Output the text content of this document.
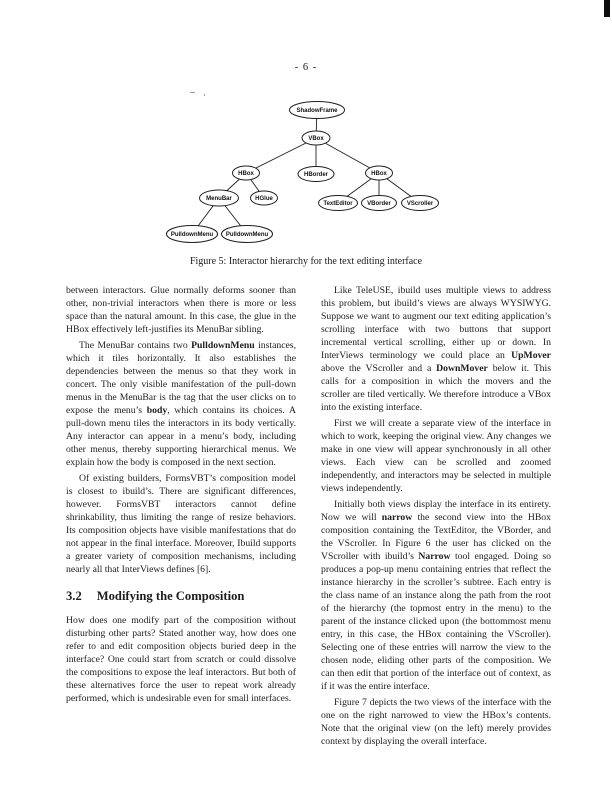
- 6 -
ShadowFrame
VBox
HBox	HBorder	HBox
MenuBar	HGlue
TextEditor VBorder	VScroller
PulldownMenu PulldownMenu
Figure 5: Interactor hierarchy for the text editing interface

between interactors. Glue normally deforms sooner than other, non-trivial interactors when there is more or less space than the natural amount. In this case, the glue in the HBox effectively left-justifies its MenuBar sibling.

The MenuBar contains two PulldownMenu instances, which it tiles horizontally. It also establishes the dependencies between the menus so that they work in concert. The only visible manifestation of the pull-down menus in the MenuBar is the tag that the user clicks on to expose the menu’s body, which contains its choices. A pull-down menu tiles the interactors in its body vertically. Any interactor can appear in a menu’s body, including other menus, thereby supporting hierarchical menus. We explain how the body is composed in the next section.

Of existing builders, FormsVBT’s composition model is closest to ibuild’s. There are significant differences, however. FormsVBT interactors cannot define shrinkability, thus limiting the range of resize behaviors. Its composition objects have visible manifestations that do not appear in the final interface. Moreover, Ibuild supports a greater variety of composition mechanisms, including nearly all that InterViews defines [6].

3.2 Modifying the Composition

How does one modify part of the composition without disturbing other parts? Stated another way, how does one refer to and edit composition objects buried deep in the interface? One could start from scratch or could dissolve the compositions to expose the leaf interactors. But both of these alternatives force the user to repeat work already performed, which is undesirable even for small interfaces.

Like TeleUSE, ibuild uses multiple views to address this problem, but ibuild’s views are always WYSIWYG. Suppose we want to augment our text editing application’s scrolling interface with two buttons that support incremental vertical scrolling, either up or down. In InterViews terminology we could place an UpMover above the VScroller and a DownMover below it. This calls for a composition in which the movers and the scroller are tiled vertically. We therefore introduce a VBox into the existing interface.

First we will create a separate view of the interface in which to work, keeping the original view. Any changes we make in one view will appear synchronously in all other views. Each view can be scrolled and zoomed independently, and interactors may be selected in multiple views independently.

Initially both views display the interface in its entirety. Now we will narrow the second view into the HBox composition containing the TextEditor, the VBorder, and the VScroller. In Figure 6 the user has clicked on the VScroller with ibuild’s Narrow tool engaged. Doing so produces a pop-up menu containing entries that reflect the instance hierarchy in the scroller’s subtree. Each entry is the class name of an instance along the path from the root of the hierarchy (the topmost entry in the menu) to the parent of the instance clicked upon (the bottommost menu entry, in this case, the HBox containing the VScroller). Selecting one of these entries will narrow the view to the chosen node, eliding other parts of the composition. We can then edit that portion of the interface out of context, as if it was the entire interface.

Figure 7 depicts the two views of the interface with the one on the right narrowed to view the HBox’s contents. Note that the original view (on the left) merely provides context by displaying the overall interface.
